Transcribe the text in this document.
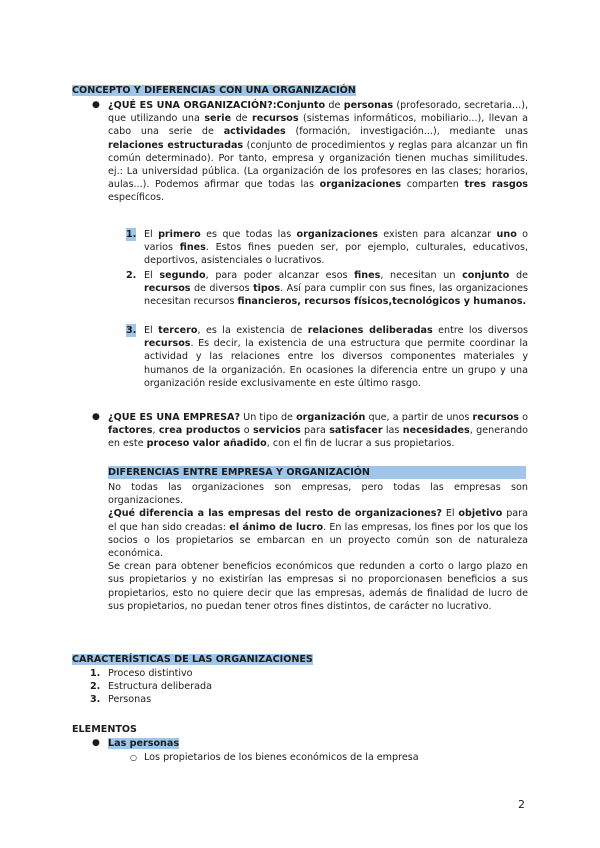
CONCEPTO Y DIFERENCIAS CON UNA ORGANIZACIÓN
● ¿QUÉ ES UNA ORGANIZACIÓN?:Conjunto de personas (profesorado, secretaria...), que utilizando una serie de recursos (sistemas informáticos, mobiliario...), llevan a cabo una serie de actividades (formación, investigación...), mediante unas relaciones estructuradas (conjunto de procedimientos y reglas para alcanzar un fin común determinado). Por tanto, empresa y organización tienen muchas similitudes. ej.: La universidad pública. (La organización de los profesores en las clases; horarios, aulas...). Podemos afirmar que todas las organizaciones comparten tres rasgos específicos.
1. El primero es que todas las organizaciones existen para alcanzar uno o varios fines. Estos fines pueden ser, por ejemplo, culturales, educativos, deportivos, asistenciales o lucrativos.
2. El segundo, para poder alcanzar esos fines, necesitan un conjunto de recursos de diversos tipos. Así para cumplir con sus fines, las organizaciones necesitan recursos financieros, recursos físicos,tecnológicos y humanos.
3. El tercero, es la existencia de relaciones deliberadas entre los diversos recursos. Es decir, la existencia de una estructura que permite coordinar la actividad y las relaciones entre los diversos componentes materiales y humanos de la organización. En ocasiones la diferencia entre un grupo y una organización reside exclusivamente en este último rasgo.
● ¿QUE ES UNA EMPRESA? Un tipo de organización que, a partir de unos recursos o factores, crea productos o servicios para satisfacer las necesidades, generando en este proceso valor añadido, con el fin de lucrar a sus propietarios.
DIFERENCIAS ENTRE EMPRESA Y ORGANIZACIÓN
No todas las organizaciones son empresas, pero todas las empresas son organizaciones.
¿Qué diferencia a las empresas del resto de organizaciones? El objetivo para el que han sido creadas: el ánimo de lucro. En las empresas, los fines por los que los socios o los propietarios se embarcan en un proyecto común son de naturaleza económica.
Se crean para obtener beneficios económicos que redunden a corto o largo plazo en sus propietarios y no existirían las empresas si no proporcionasen beneficios a sus propietarios, esto no quiere decir que las empresas, además de finalidad de lucro de sus propietarios, no puedan tener otros fines distintos, de carácter no lucrativo.
CARACTERÍSTICAS DE LAS ORGANIZACIONES
1. Proceso distintivo
2. Estructura deliberada
3. Personas
ELEMENTOS
● Las personas
○ Los propietarios de los bienes económicos de la empresa
2
